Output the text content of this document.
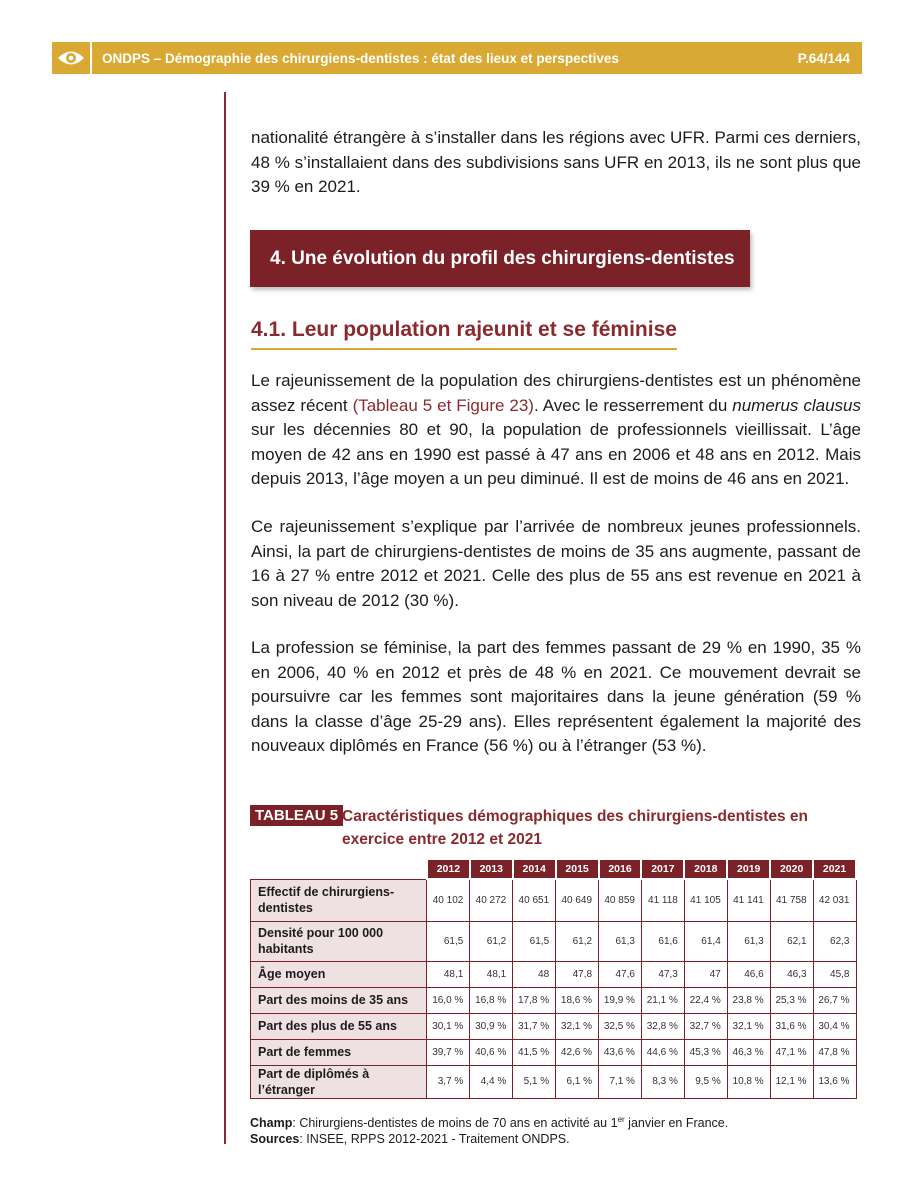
ONDPS – Démographie des chirurgiens-dentistes : état des lieux et perspectives	P.64/144

nationalité étrangère à s’installer dans les régions avec UFR. Parmi ces derniers, 48 % s’installaient dans des subdivisions sans UFR en 2013, ils ne sont plus que 39 % en 2021.

4. Une évolution du profil des chirurgiens-dentistes
4.1. Leur population rajeunit et se féminise

Le rajeunissement de la population des chirurgiens-dentistes est un phénomène assez récent (Tableau 5 et Figure 23). Avec le resserrement du numerus clausus sur les décennies 80 et 90, la population de professionnels vieillissait. L’âge moyen de 42 ans en 1990 est passé à 47 ans en 2006 et 48 ans en 2012. Mais depuis 2013, l’âge moyen a un peu diminué. Il est de moins de 46 ans en 2021.

Ce rajeunissement s’explique par l’arrivée de nombreux jeunes professionnels. Ainsi, la part de chirurgiens-dentistes de moins de 35 ans augmente, passant de 16 à 27 % entre 2012 et 2021. Celle des plus de 55 ans est revenue en 2021 à son niveau de 2012 (30 %).

La profession se féminise, la part des femmes passant de 29 % en 1990, 35 % en 2006, 40 % en 2012 et près de 48 % en 2021. Ce mouvement devrait se poursuivre car les femmes sont majoritaires dans la jeune génération (59 % dans la classe d’âge 25-29 ans). Elles représentent également la majorité des nouveaux diplômés en France (56 %) ou à l’étranger (53 %).

TABLEAU 5 Caractéristiques démographiques des chirurgiens-dentistes en exercice entre 2012 et 2021
	2012	2013	2014	2015	2016	2017	2018	2019	2020	2021
Effectif de chirurgiens-dentistes	40 102	40 272	40 651	40 649	40 859	41 118	41 105	41 141	41 758	42 031
Densité pour 100 000 habitants	61,5	61,2	61,5	61,2	61,3	61,6	61,4	61,3	62,1	62,3
Âge moyen	48,1	48,1	48	47,8	47,6	47,3	47	46,6	46,3	45,8
Part des moins de 35 ans	16,0 %	16,8 %	17,8 %	18,6 %	19,9 %	21,1 %	22,4 %	23,8 %	25,3 %	26,7 %
Part des plus de 55 ans	30,1 %	30,9 %	31,7 %	32,1 %	32,5 %	32,8 %	32,7 %	32,1 %	31,6 %	30,4 %
Part de femmes	39,7 %	40,6 %	41,5 %	42,6 %	43,6 %	44,6 %	45,3 %	46,3 %	47,1 %	47,8 %
Part de diplômés à l’étranger	3,7 %	4,4 %	5,1 %	6,1 %	7,1 %	8,3 %	9,5 %	10,8 %	12,1 %	13,6 %
Champ: Chirurgiens-dentistes de moins de 70 ans en activité au 1er janvier en France.
Sources: INSEE, RPPS 2012-2021 - Traitement ONDPS.
